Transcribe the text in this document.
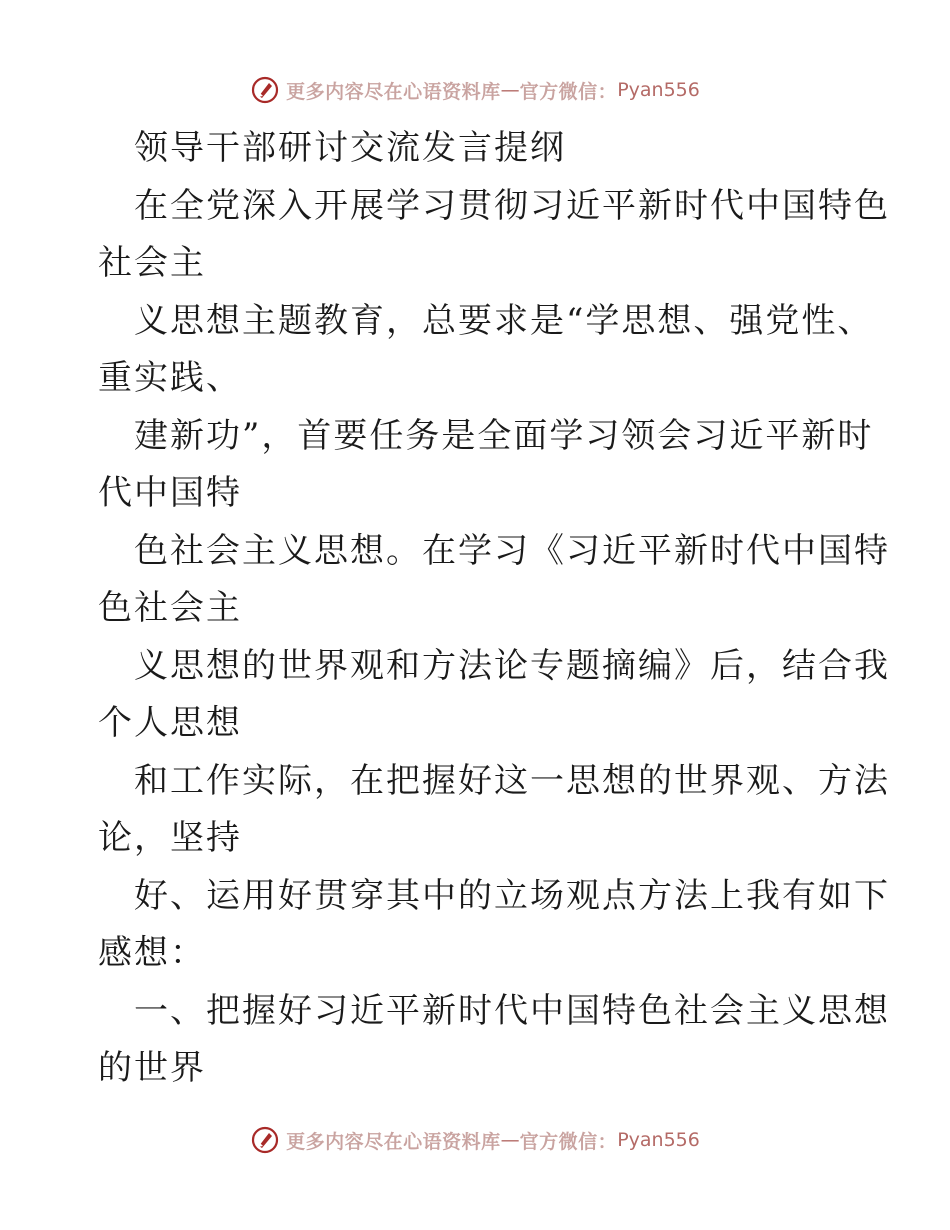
更多内容尽在心语资料库 — 官方微信： Pyan556
领导干部研讨交流发言提纲
在全党深入开展学习贯彻习近平新时代中国特色
社会主
义思想主题教育，总要求是“学思想、强党性、
重实践、
建新功”，首要任务是全面学习领会习近平新时
代中国特
色社会主义思想。在学习《习近平新时代中国特
色社会主
义思想的世界观和方法论专题摘编》后，结合我
个人思想
和工作实际，在把握好这一思想的世界观、方法
论，坚持
好、运用好贯穿其中的立场观点方法上我有如下
感想：
一、把握好习近平新时代中国特色社会主义思想
的世界
更多内容尽在心语资料库 — 官方微信： Pyan556
